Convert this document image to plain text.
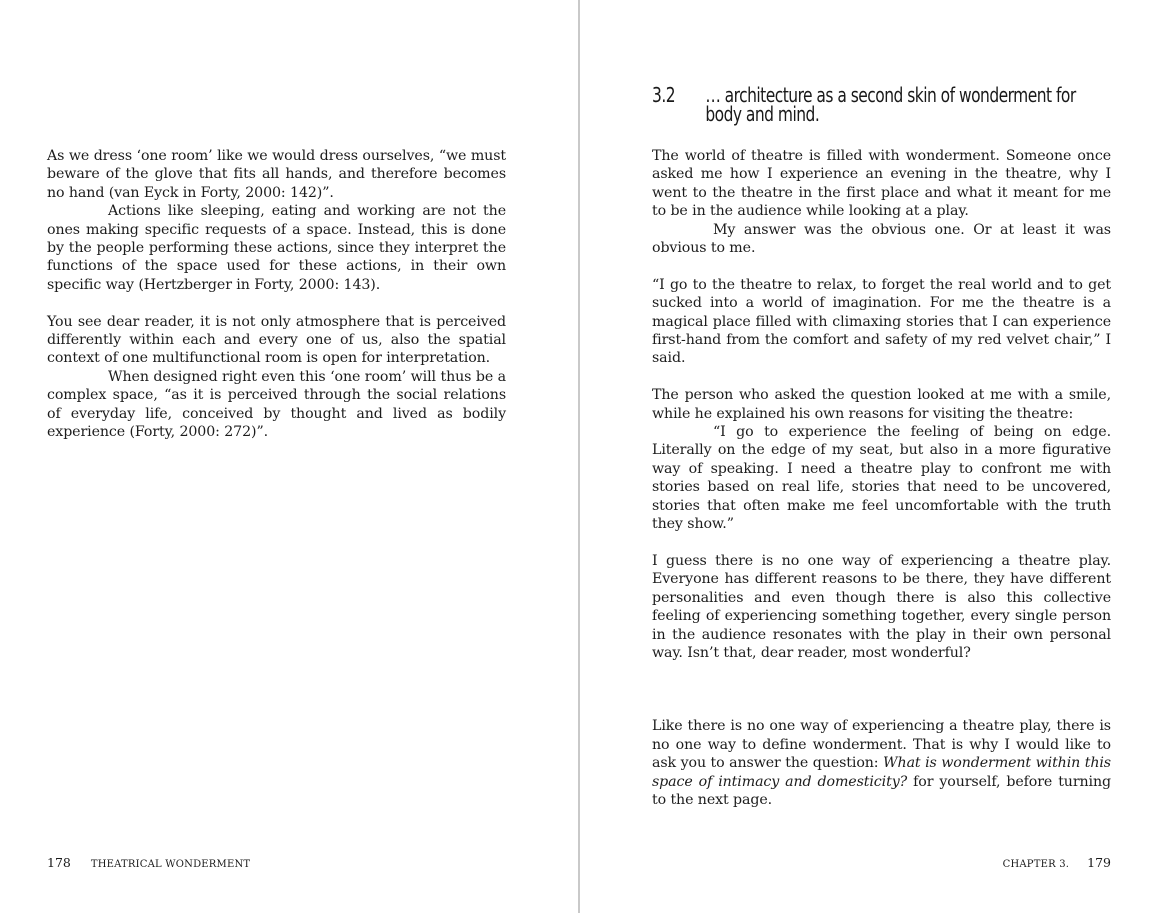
As we dress ‘one room’ like we would dress ourselves, “we must beware of the glove that fits all hands, and therefore becomes no hand (van Eyck in Forty, 2000: 142)”.

Actions like sleeping, eating and working are not the ones making specific requests of a space. Instead, this is done by the people performing these actions, since they interpret the functions of the space used for these actions, in their own specific way (Hertzberger in Forty, 2000: 143).

You see dear reader, it is not only atmosphere that is perceived differently within each and every one of us, also the spatial context of one multifunctional room is open for interpretation.

When designed right even this ‘one room’ will thus be a complex space, “as it is perceived through the social relations of everyday life, conceived by thought and lived as bodily experience (Forty, 2000: 272)”.

178 THEATRICAL WONDERMENT
3.2 … architecture as a second skin of wonderment for
body and mind.

The world of theatre is filled with wonderment. Someone once asked me how I experience an evening in the theatre, why I went to the theatre in the first place and what it meant for me to be in the audience while looking at a play.

My answer was the obvious one. Or at least it was obvious to me.

“I go to the theatre to relax, to forget the real world and to get sucked into a world of imagination. For me the theatre is a magical place filled with climaxing stories that I can experience first-hand from the comfort and safety of my red velvet chair,” I said.

The person who asked the question looked at me with a smile, while he explained his own reasons for visiting the theatre:

“I go to experience the feeling of being on edge. Literally on the edge of my seat, but also in a more figurative way of speaking. I need a theatre play to confront me with stories based on real life, stories that need to be uncovered, stories that often make me feel uncomfortable with the truth they show.”

I guess there is no one way of experiencing a theatre play. Everyone has different reasons to be there, they have different personalities and even though there is also this collective feeling of experiencing something together, every single person in the audience resonates with the play in their own personal way. Isn’t that, dear reader, most wonderful?

Like there is no one way of experiencing a theatre play, there is no one way to define wonderment. That is why I would like to ask you to answer the question: What is wonderment within this space of intimacy and domesticity? for yourself, before turning to the next page.

CHAPTER 3. 179
